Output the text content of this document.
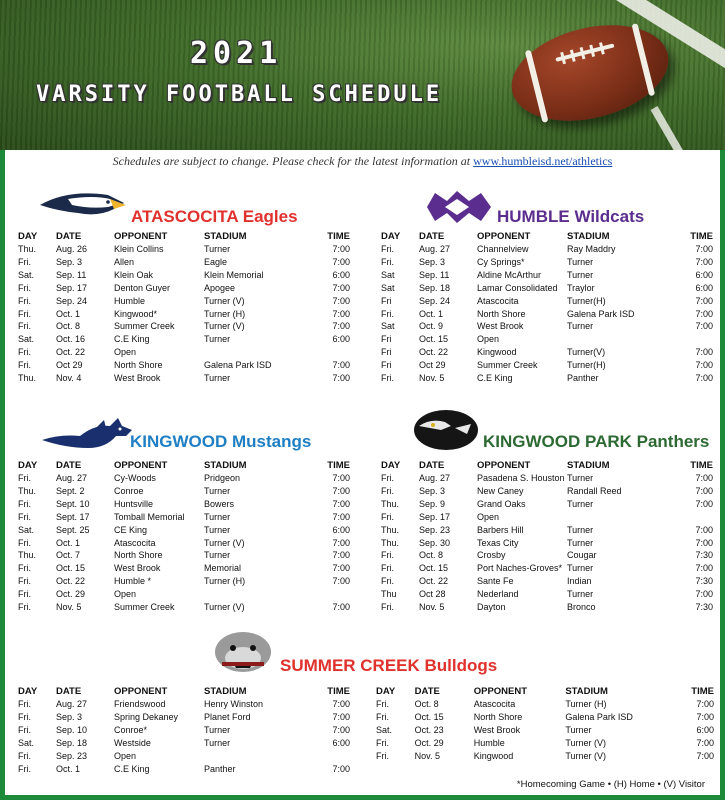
2021
VARSITY FOOTBALL SCHEDULE
Schedules are subject to change. Please check for the latest information at www.humbleisd.net/athletics
ATASCOCITA Eagles
DAY	DATE	OPPONENT	STADIUM	TIME
Thu.	Aug. 26	Klein Collins	Turner	7:00
Fri.	Sep. 3	Allen	Eagle	7:00
Sat.	Sep. 11	Klein Oak	Klein Memorial	6:00
Fri.	Sep. 17	Denton Guyer	Apogee	7:00
Fri.	Sep. 24	Humble	Turner (V)	7:00
Fri.	Oct. 1	Kingwood*	Turner (H)	7:00
Fri.	Oct. 8	Summer Creek	Turner (V)	7:00
Sat.	Oct. 16	C.E King	Turner	6:00
Fri.	Oct. 22	Open		
Fri.	Oct 29	North Shore	Galena Park ISD	7:00
Thu.	Nov. 4	West Brook	Turner	7:00
HUMBLE Wildcats
DAY	DATE	OPPONENT	STADIUM	TIME
Fri.	Aug. 27	Channelview	Ray Maddry	7:00
Fri.	Sep. 3	Cy Springs*	Turner	7:00
Sat	Sep. 11	Aldine McArthur	Turner	6:00
Sat	Sep. 18	Lamar Consolidated	Traylor	6:00
Fri	Sep. 24	Atascocita	Turner(H)	7:00
Fri.	Oct. 1	North Shore	Galena Park ISD	7:00
Sat	Oct. 9	West Brook	Turner	7:00
Fri	Oct. 15	Open		
Fri	Oct. 22	Kingwood	Turner(V)	7:00
Fri	Oct 29	Summer Creek	Turner(H)	7:00
Fri.	Nov. 5	C.E King	Panther	7:00
KINGWOOD Mustangs
DAY	DATE	OPPONENT	STADIUM	TIME
Fri.	Aug. 27	Cy-Woods	Pridgeon	7:00
Thu.	Sept. 2	Conroe	Turner	7:00
Fri.	Sept. 10	Huntsville	Bowers	7:00
Fri.	Sept. 17	Tomball Memorial	Turner	7:00
Sat.	Sept. 25	CE King	Turner	6:00
Fri.	Oct. 1	Atascocita	Turner (V)	7:00
Thu.	Oct. 7	North Shore	Turner	7:00
Fri.	Oct. 15	West Brook	Memorial	7:00
Fri.	Oct. 22	Humble *	Turner (H)	7:00
Fri.	Oct. 29	Open		
Fri.	Nov. 5	Summer Creek	Turner (V)	7:00
KINGWOOD PARK Panthers
DAY	DATE	OPPONENT	STADIUM	TIME
Fri.	Aug. 27	Pasadena S. Houston	Turner	7:00
Fri.	Sep. 3	New Caney	Randall Reed	7:00
Thu.	Sep. 9	Grand Oaks	Turner	7:00
Fri.	Sep. 17	Open		
Thu.	Sep. 23	Barbers Hill	Turner	7:00
Thu.	Sep. 30	Texas City	Turner	7:00
Fri.	Oct. 8	Crosby	Cougar	7:30
Fri.	Oct. 15	Port Naches-Groves*	Turner	7:00
Fri.	Oct. 22	Sante Fe	Indian	7:30
Thu	Oct 28	Nederland	Turner	7:00
Fri.	Nov. 5	Dayton	Bronco	7:30
SUMMER CREEK Bulldogs
DAY	DATE	OPPONENT	STADIUM	TIME
Fri.	Aug. 27	Friendswood	Henry Winston	7:00
Fri.	Sep. 3	Spring Dekaney	Planet Ford	7:00
Fri.	Sep. 10	Conroe*	Turner	7:00
Sat.	Sep. 18	Westside	Turner	6:00
Fri.	Sep. 23	Open		
Fri.	Oct. 1	C.E King	Panther	7:00
DAY	DATE	OPPONENT	STADIUM	TIME
Fri.	Oct. 8	Atascocita	Turner (H)	7:00
Fri.	Oct. 15	North Shore	Galena Park ISD	7:00
Sat.	Oct. 23	West Brook	Turner	6:00
Fri.	Oct. 29	Humble	Turner (V)	7:00
Fri.	Nov. 5	Kingwood	Turner (V)	7:00
*Homecoming Game • (H) Home • (V) Visitor
